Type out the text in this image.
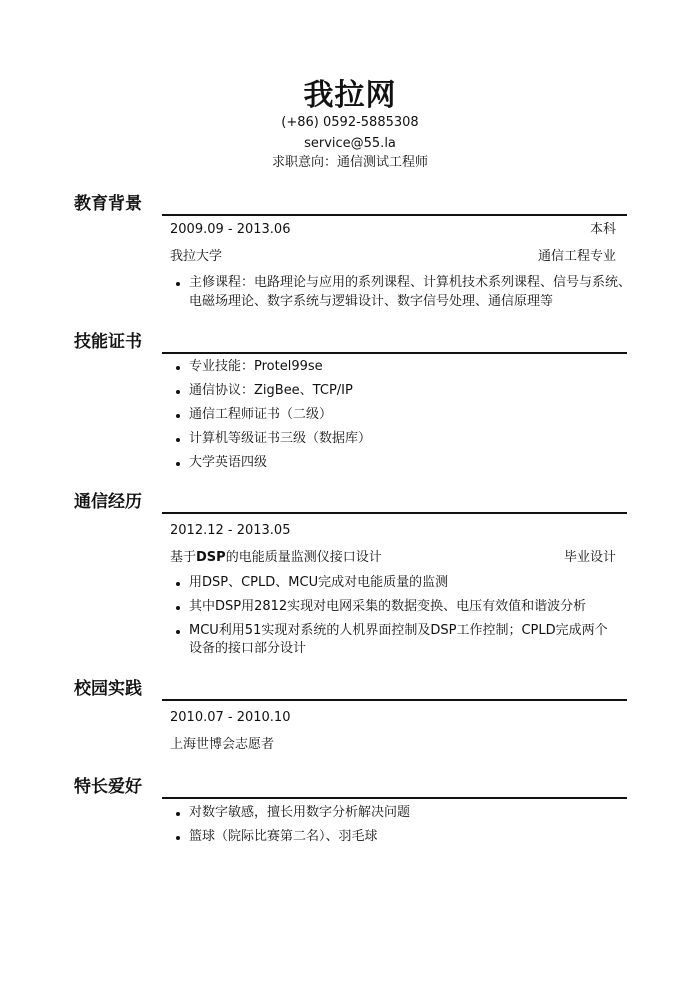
我拉网
(+86) 0592-5885308
service@55.la
求职意向：通信测试工程师
教育背景
2009.09 - 2013.06	本科
我拉大学	通信工程专业
主修课程：电路理论与应用的系列课程、计算机技术系列课程、信号与系统、
电磁场理论、数字系统与逻辑设计、数字信号处理、通信原理等
技能证书
专业技能：Protel99se
通信协议：ZigBee、TCP/IP
通信工程师证书（二级）
计算机等级证书三级（数据库）
大学英语四级
通信经历
2012.12 - 2013.05
基于DSP的电能质量监测仪接口设计	毕业设计
用DSP、CPLD、MCU完成对电能质量的监测
其中DSP用2812实现对电网采集的数据变换、电压有效值和谐波分析
MCU利用51实现对系统的人机界面控制及DSP工作控制；CPLD完成两个
设备的接口部分设计
校园实践
2010.07 - 2010.10
上海世博会志愿者
特长爱好
对数字敏感，擅长用数字分析解决问题
篮球（院际比赛第二名）、羽毛球
